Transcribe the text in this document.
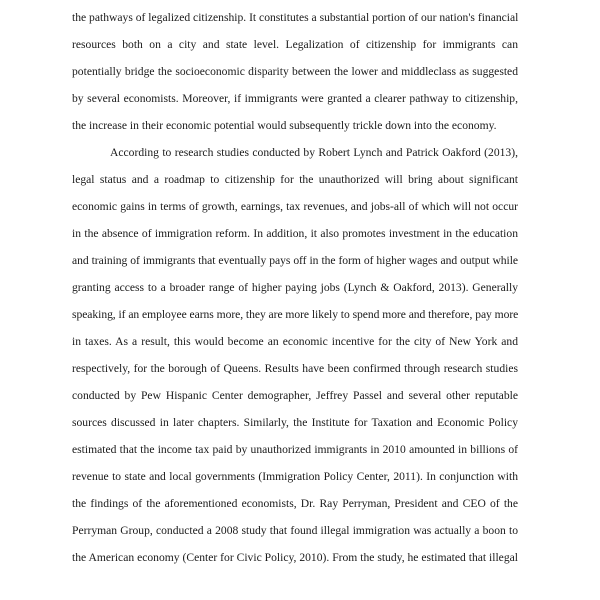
the pathways of legalized citizenship. It constitutes a substantial portion of our nation's financial
resources both on a city and state level. Legalization of citizenship for immigrants can
potentially bridge the socioeconomic disparity between the lower and middleclass as suggested
by several economists. Moreover, if immigrants were granted a clearer pathway to citizenship,
the increase in their economic potential would subsequently trickle down into the economy.
According to research studies conducted by Robert Lynch and Patrick Oakford (2013),
legal status and a roadmap to citizenship for the unauthorized will bring about significant
economic gains in terms of growth, earnings, tax revenues, and jobs-all of which will not occur
in the absence of immigration reform. In addition, it also promotes investment in the education
and training of immigrants that eventually pays off in the form of higher wages and output while
granting access to a broader range of higher paying jobs (Lynch & Oakford, 2013). Generally
speaking, if an employee earns more, they are more likely to spend more and therefore, pay more
in taxes. As a result, this would become an economic incentive for the city of New York and
respectively, for the borough of Queens. Results have been confirmed through research studies
conducted by Pew Hispanic Center demographer, Jeffrey Passel and several other reputable
sources discussed in later chapters. Similarly, the Institute for Taxation and Economic Policy
estimated that the income tax paid by unauthorized immigrants in 2010 amounted in billions of
revenue to state and local governments (Immigration Policy Center, 2011). In conjunction with
the findings of the aforementioned economists, Dr. Ray Perryman, President and CEO of the
Perryman Group, conducted a 2008 study that found illegal immigration was actually a boon to
the American economy (Center for Civic Policy, 2010). From the study, he estimated that illegal
